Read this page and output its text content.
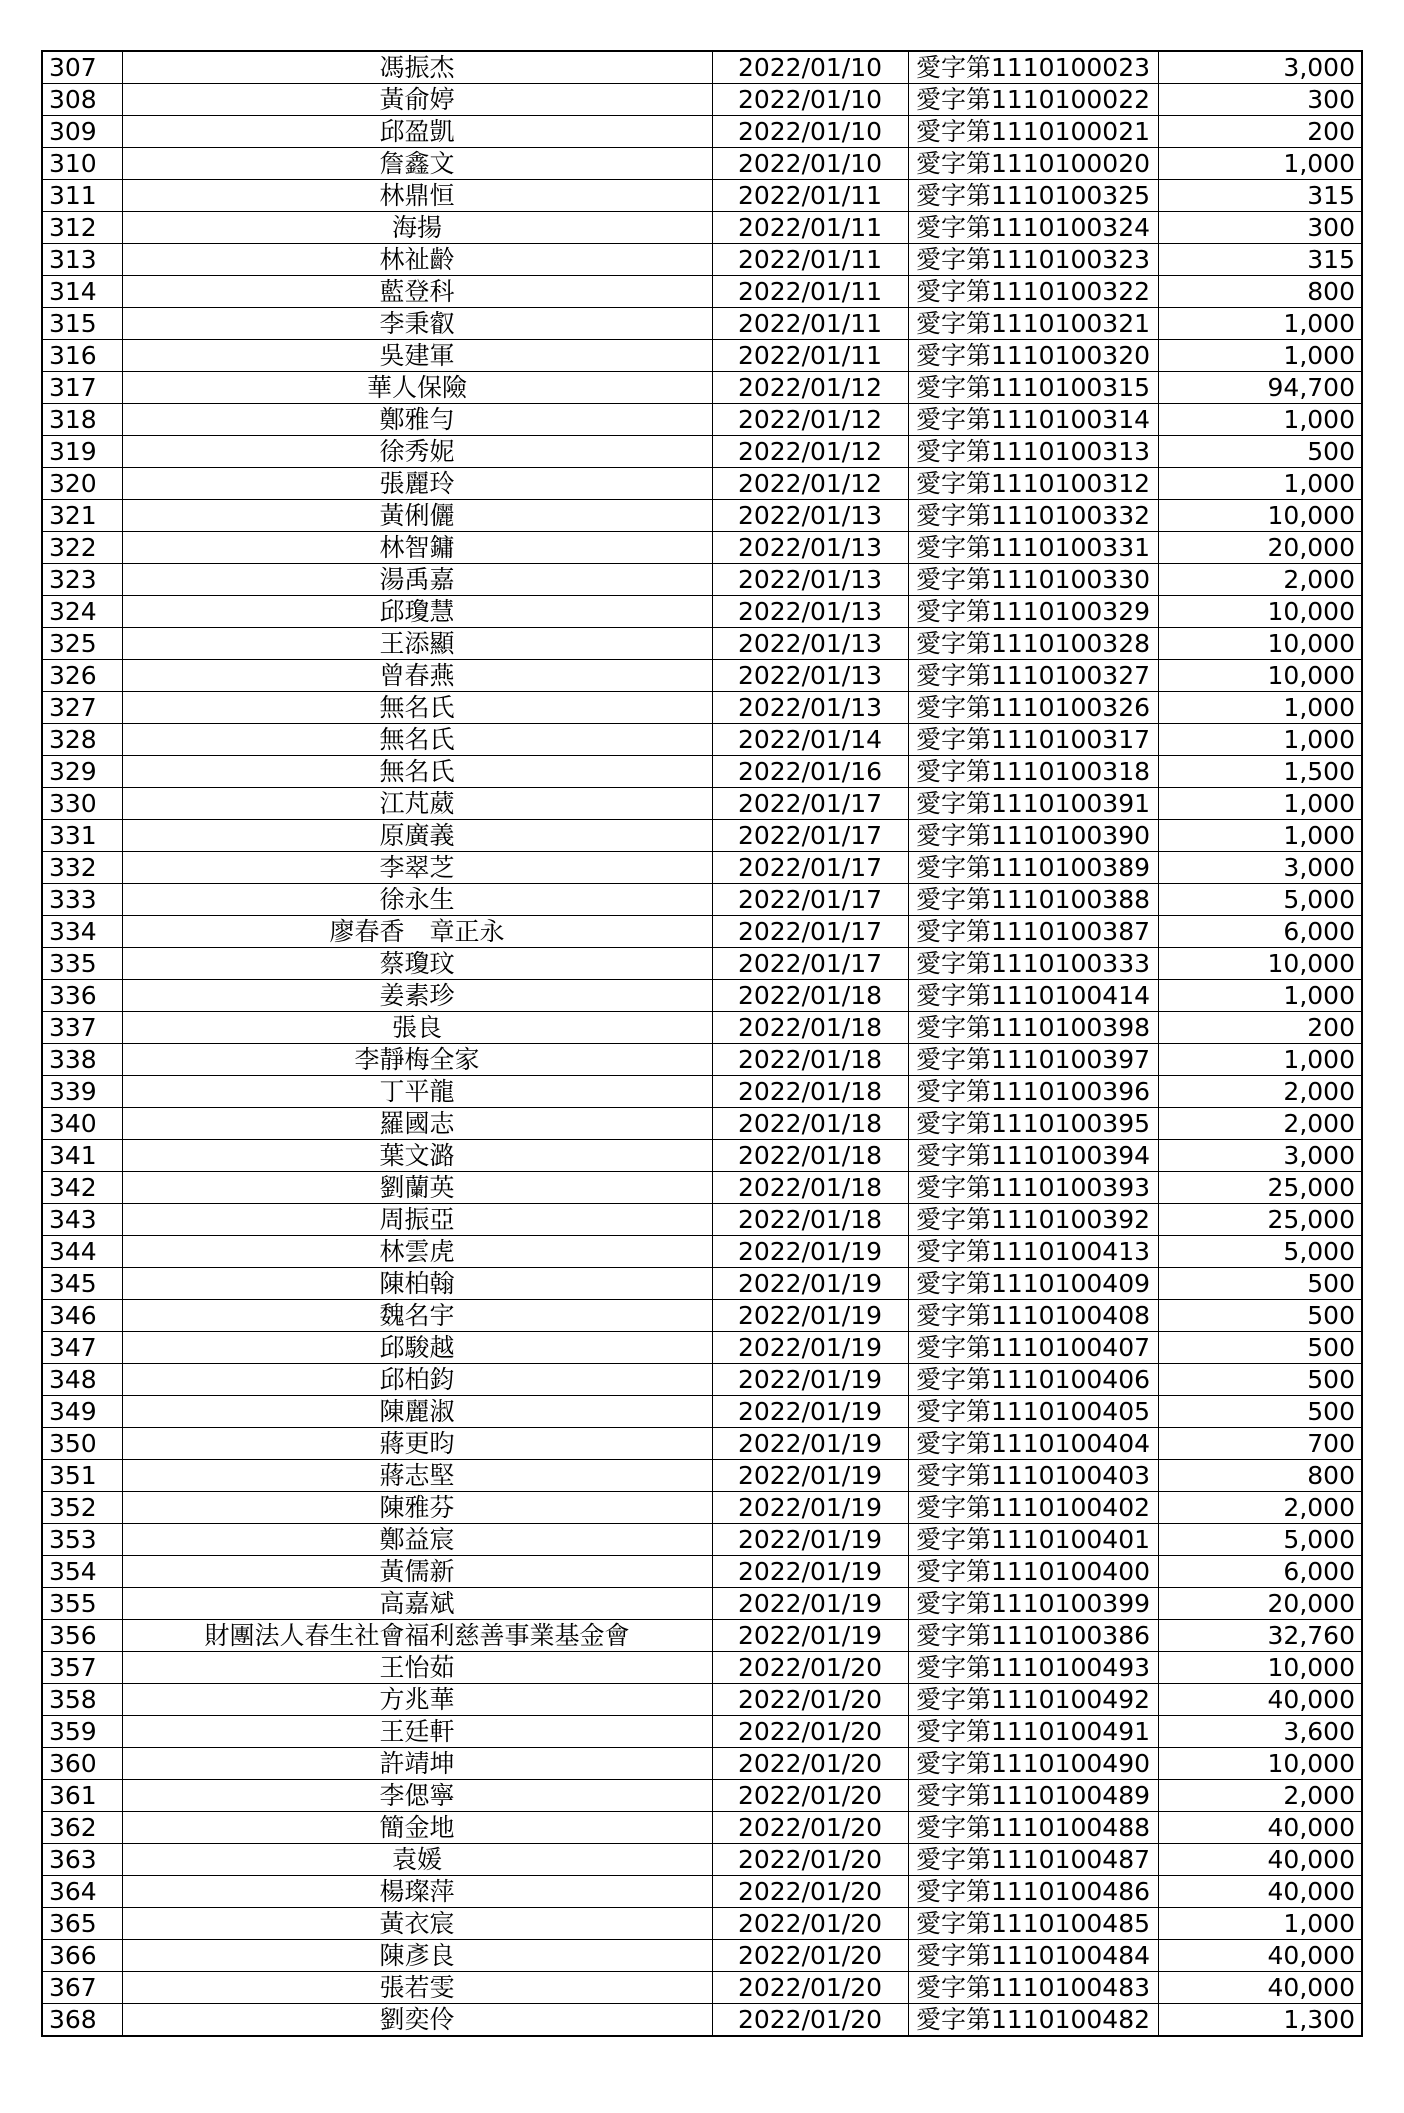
307	馮振杰	2022/01/10	愛字第1110100023	3,000
308	黃俞婷	2022/01/10	愛字第1110100022	300
309	邱盈凱	2022/01/10	愛字第1110100021	200
310	詹鑫文	2022/01/10	愛字第1110100020	1,000
311	林鼎恒	2022/01/11	愛字第1110100325	315
312	海揚	2022/01/11	愛字第1110100324	300
313	林祉齡	2022/01/11	愛字第1110100323	315
314	藍登科	2022/01/11	愛字第1110100322	800
315	李秉叡	2022/01/11	愛字第1110100321	1,000
316	吳建軍	2022/01/11	愛字第1110100320	1,000
317	華人保險	2022/01/12	愛字第1110100315	94,700
318	鄭雅勻	2022/01/12	愛字第1110100314	1,000
319	徐秀妮	2022/01/12	愛字第1110100313	500
320	張麗玲	2022/01/12	愛字第1110100312	1,000
321	黃俐儷	2022/01/13	愛字第1110100332	10,000
322	林智鏞	2022/01/13	愛字第1110100331	20,000
323	湯禹嘉	2022/01/13	愛字第1110100330	2,000
324	邱瓊慧	2022/01/13	愛字第1110100329	10,000
325	王添顯	2022/01/13	愛字第1110100328	10,000
326	曾春燕	2022/01/13	愛字第1110100327	10,000
327	無名氏	2022/01/13	愛字第1110100326	1,000
328	無名氏	2022/01/14	愛字第1110100317	1,000
329	無名氏	2022/01/16	愛字第1110100318	1,500
330	江芃葳	2022/01/17	愛字第1110100391	1,000
331	原廣義	2022/01/17	愛字第1110100390	1,000
332	李翠芝	2022/01/17	愛字第1110100389	3,000
333	徐永生	2022/01/17	愛字第1110100388	5,000
334	廖春香　章正永	2022/01/17	愛字第1110100387	6,000
335	蔡瓊玟	2022/01/17	愛字第1110100333	10,000
336	姜素珍	2022/01/18	愛字第1110100414	1,000
337	張良	2022/01/18	愛字第1110100398	200
338	李靜梅全家	2022/01/18	愛字第1110100397	1,000
339	丁平龍	2022/01/18	愛字第1110100396	2,000
340	羅國志	2022/01/18	愛字第1110100395	2,000
341	葉文潞	2022/01/18	愛字第1110100394	3,000
342	劉蘭英	2022/01/18	愛字第1110100393	25,000
343	周振亞	2022/01/18	愛字第1110100392	25,000
344	林雲虎	2022/01/19	愛字第1110100413	5,000
345	陳柏翰	2022/01/19	愛字第1110100409	500
346	魏名宇	2022/01/19	愛字第1110100408	500
347	邱駿越	2022/01/19	愛字第1110100407	500
348	邱柏鈞	2022/01/19	愛字第1110100406	500
349	陳麗淑	2022/01/19	愛字第1110100405	500
350	蔣更昀	2022/01/19	愛字第1110100404	700
351	蔣志堅	2022/01/19	愛字第1110100403	800
352	陳雅芬	2022/01/19	愛字第1110100402	2,000
353	鄭益宸	2022/01/19	愛字第1110100401	5,000
354	黃儒新	2022/01/19	愛字第1110100400	6,000
355	高嘉斌	2022/01/19	愛字第1110100399	20,000
356	財團法人春生社會福利慈善事業基金會	2022/01/19	愛字第1110100386	32,760
357	王怡茹	2022/01/20	愛字第1110100493	10,000
358	方兆華	2022/01/20	愛字第1110100492	40,000
359	王廷軒	2022/01/20	愛字第1110100491	3,600
360	許靖坤	2022/01/20	愛字第1110100490	10,000
361	李偲寧	2022/01/20	愛字第1110100489	2,000
362	簡金地	2022/01/20	愛字第1110100488	40,000
363	袁媛	2022/01/20	愛字第1110100487	40,000
364	楊璨萍	2022/01/20	愛字第1110100486	40,000
365	黃衣宸	2022/01/20	愛字第1110100485	1,000
366	陳彥良	2022/01/20	愛字第1110100484	40,000
367	張若雯	2022/01/20	愛字第1110100483	40,000
368	劉奕伶	2022/01/20	愛字第1110100482	1,300
